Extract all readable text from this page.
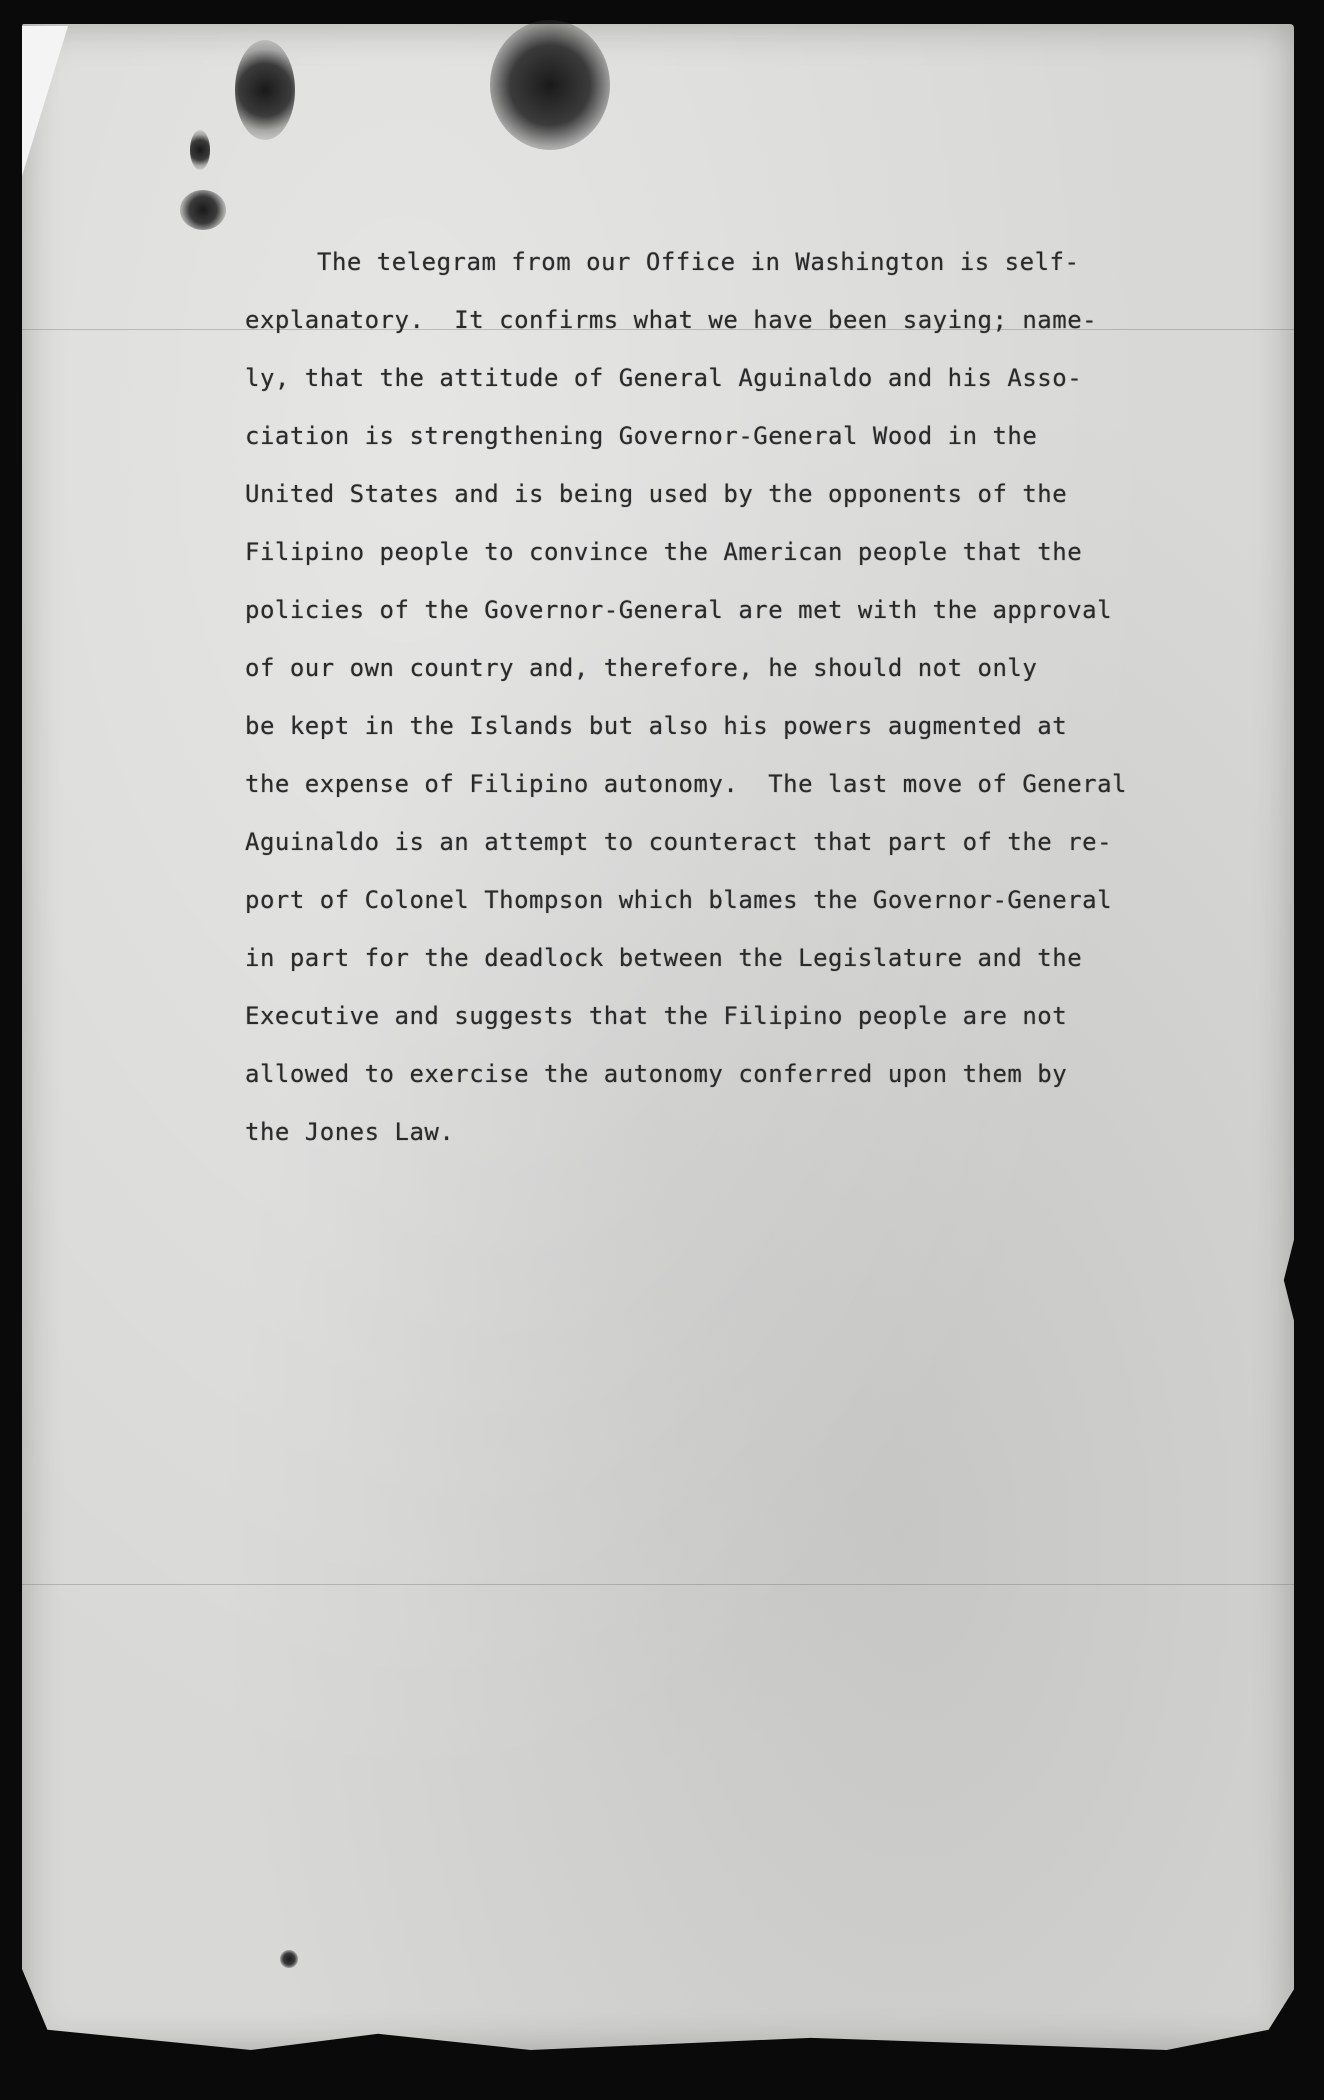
The telegram from our Office in Washington is self-
explanatory.  It confirms what we have been saying; name-
ly, that the attitude of General Aguinaldo and his Asso-
ciation is strengthening Governor-General Wood in the
United States and is being used by the opponents of the
Filipino people to convince the American people that the
policies of the Governor-General are met with the approval
of our own country and, therefore, he should not only
be kept in the Islands but also his powers augmented at
the expense of Filipino autonomy.  The last move of General
Aguinaldo is an attempt to counteract that part of the re-
port of Colonel Thompson which blames the Governor-General
in part for the deadlock between the Legislature and the
Executive and suggests that the Filipino people are not
allowed to exercise the autonomy conferred upon them by
the Jones Law.
